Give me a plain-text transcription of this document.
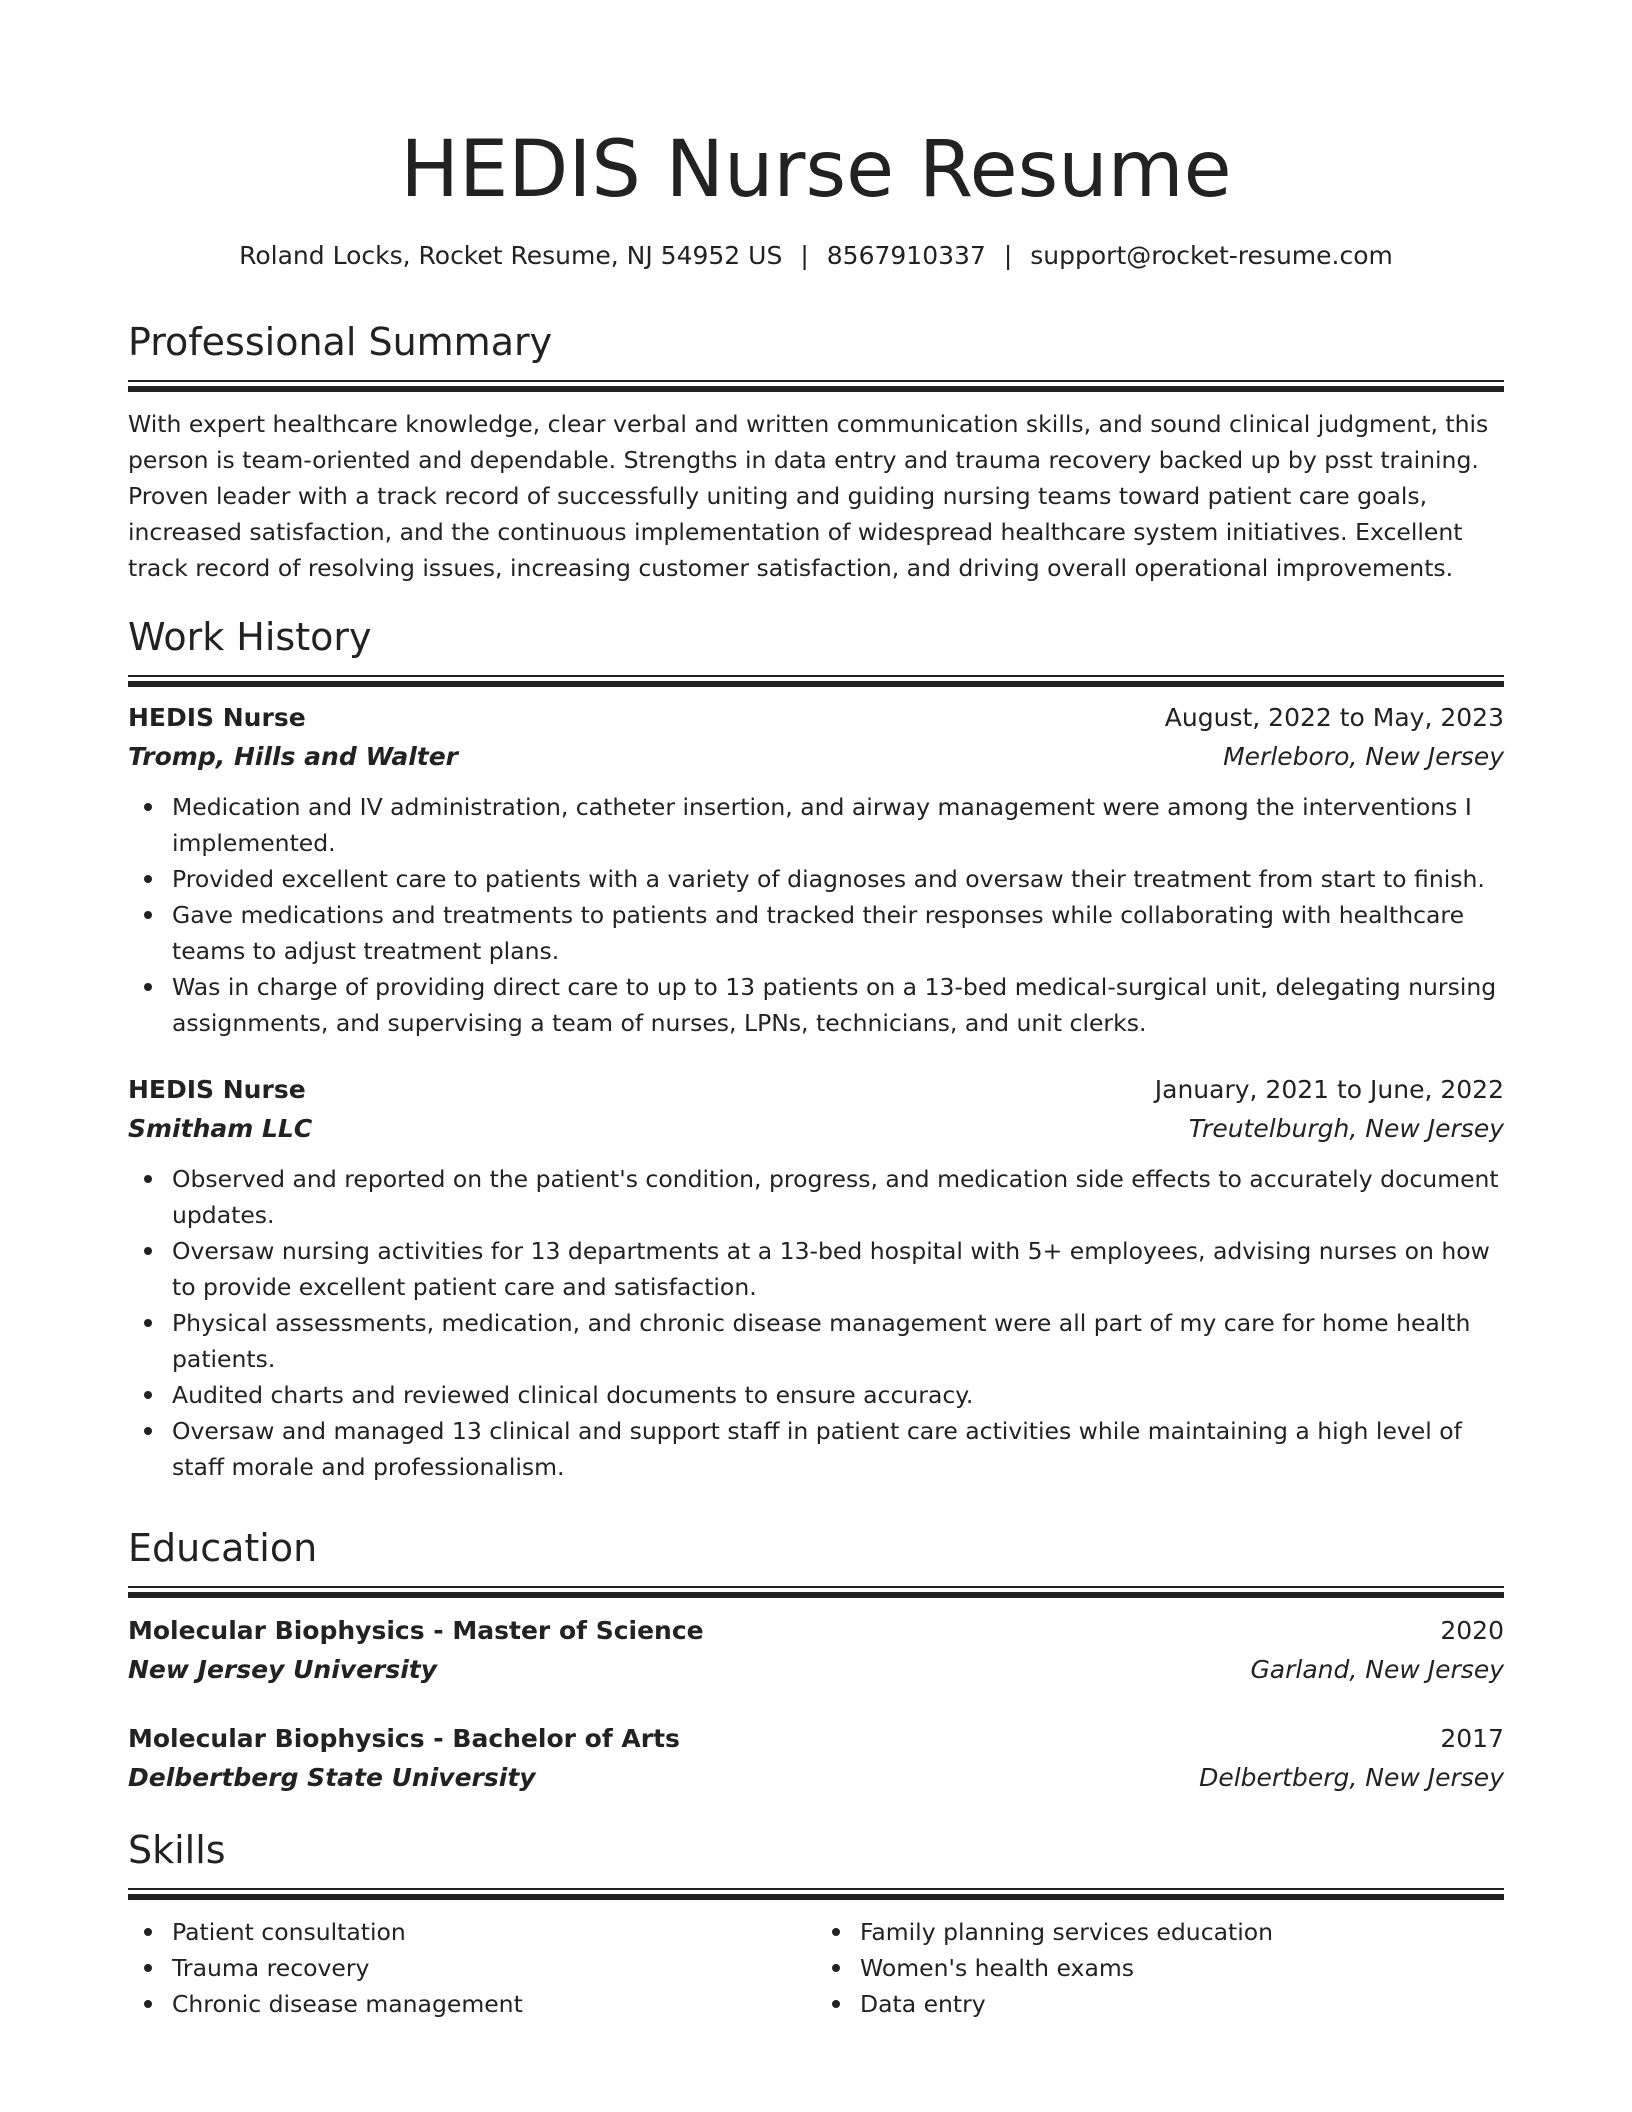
HEDIS Nurse Resume
Roland Locks, Rocket Resume, NJ 54952 US | 8567910337 | support@rocket-resume.com
Professional Summary
With expert healthcare knowledge, clear verbal and written communication skills, and sound clinical judgment, this person is team-oriented and dependable. Strengths in data entry and trauma recovery backed up by psst training. Proven leader with a track record of successfully uniting and guiding nursing teams toward patient care goals, increased satisfaction, and the continuous implementation of widespread healthcare system initiatives. Excellent track record of resolving issues, increasing customer satisfaction, and driving overall operational improvements.
Work History
HEDIS Nurse	August, 2022 to May, 2023
Tromp, Hills and Walter	Merleboro, New Jersey
Medication and IV administration, catheter insertion, and airway management were among the interventions I implemented.
Provided excellent care to patients with a variety of diagnoses and oversaw their treatment from start to finish.
Gave medications and treatments to patients and tracked their responses while collaborating with healthcare teams to adjust treatment plans.
Was in charge of providing direct care to up to 13 patients on a 13-bed medical-surgical unit, delegating nursing assignments, and supervising a team of nurses, LPNs, technicians, and unit clerks.
HEDIS Nurse	January, 2021 to June, 2022
Smitham LLC	Treutelburgh, New Jersey
Observed and reported on the patient's condition, progress, and medication side effects to accurately document updates.
Oversaw nursing activities for 13 departments at a 13-bed hospital with 5+ employees, advising nurses on how to provide excellent patient care and satisfaction.
Physical assessments, medication, and chronic disease management were all part of my care for home health patients.
Audited charts and reviewed clinical documents to ensure accuracy.
Oversaw and managed 13 clinical and support staff in patient care activities while maintaining a high level of staff morale and professionalism.
Education
Molecular Biophysics - Master of Science	2020
New Jersey University	Garland, New Jersey
Molecular Biophysics - Bachelor of Arts	2017
Delbertberg State University	Delbertberg, New Jersey
Skills
Patient consultation
Trauma recovery
Chronic disease management
Family planning services education
Women's health exams
Data entry
